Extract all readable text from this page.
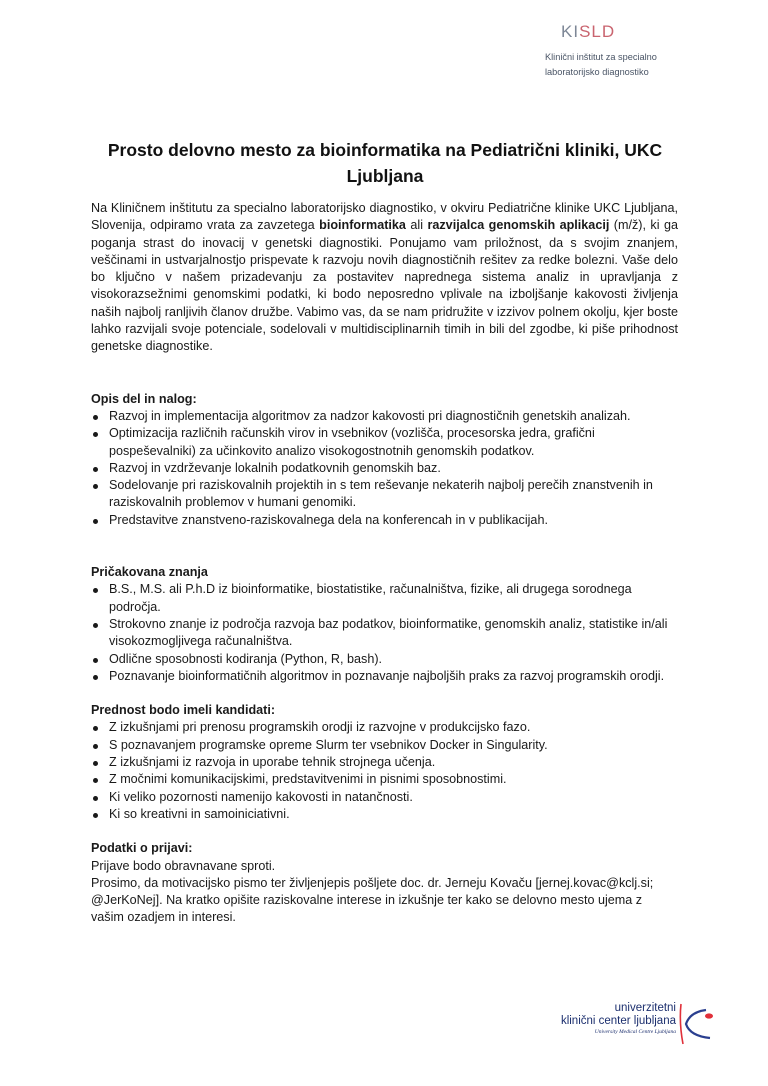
KISLD
Klinični inštitut za specialno
laboratorijsko diagnostiko
Prosto delovno mesto za bioinformatika na Pediatrični kliniki, UKC
Ljubljana

Na Kliničnem inštitutu za specialno laboratorijsko diagnostiko, v okviru Pediatrične klinike UKC Ljubljana, Slovenija, odpiramo vrata za zavzetega bioinformatika ali razvijalca genomskih aplikacij (m/ž), ki ga poganja strast do inovacij v genetski diagnostiki. Ponujamo vam priložnost, da s svojim znanjem, veščinami in ustvarjalnostjo prispevate k razvoju novih diagnostičnih rešitev za redke bolezni. Vaše delo bo ključno v našem prizadevanju za postavitev naprednega sistema analiz in upravljanja z visokorazsežnimi genomskimi podatki, ki bodo neposredno vplivale na izboljšanje kakovosti življenja naših najbolj ranljivih članov družbe. Vabimo vas, da se nam pridružite v izzivov polnem okolju, kjer boste lahko razvijali svoje potenciale, sodelovali v multidisciplinarnih timih in bili del zgodbe, ki piše prihodnost genetske diagnostike.

Opis del in nalog:

Razvoj in implementacija algoritmov za nadzor kakovosti pri diagnostičnih genetskih analizah.
Optimizacija različnih računskih virov in vsebnikov (vozlišča, procesorska jedra, grafični pospeševalniki) za učinkovito analizo visokogostnotnih genomskih podatkov.
Razvoj in vzdrževanje lokalnih podatkovnih genomskih baz.
Sodelovanje pri raziskovalnih projektih in s tem reševanje nekaterih najbolj perečih znanstvenih in raziskovalnih problemov v humani genomiki.
Predstavitve znanstveno-raziskovalnega dela na konferencah in v publikacijah.

Pričakovana znanja

B.S., M.S. ali P.h.D iz bioinformatike, biostatistike, računalništva, fizike, ali drugega sorodnega področja.
Strokovno znanje iz področja razvoja baz podatkov, bioinformatike, genomskih analiz, statistike in/ali visokozmogljivega računalništva.
Odlične sposobnosti kodiranja (Python, R, bash).
Poznavanje bioinformatičnih algoritmov in poznavanje najboljših praks za razvoj programskih orodji.

Prednost bodo imeli kandidati:

Z izkušnjami pri prenosu programskih orodji iz razvojne v produkcijsko fazo.
S poznavanjem programske opreme Slurm ter vsebnikov Docker in Singularity.
Z izkušnjami iz razvoja in uporabe tehnik strojnega učenja.
Z močnimi komunikacijskimi, predstavitvenimi in pisnimi sposobnostimi.
Ki veliko pozornosti namenijo kakovosti in natančnosti.
Ki so kreativni in samoiniciativni.

Podatki o prijavi:

Prijave bodo obravnavane sproti.

Prosimo, da motivacijsko pismo ter življenjepis pošljete doc. dr. Jerneju Kovaču [jernej.kovac@kclj.si; @JerKoNej]. Na kratko opišite raziskovalne interese in izkušnje ter kako se delovno mesto ujema z vašim ozadjem in interesi.

univerzitetni
klinični center ljubljana
University Medical Centre Ljubljana
